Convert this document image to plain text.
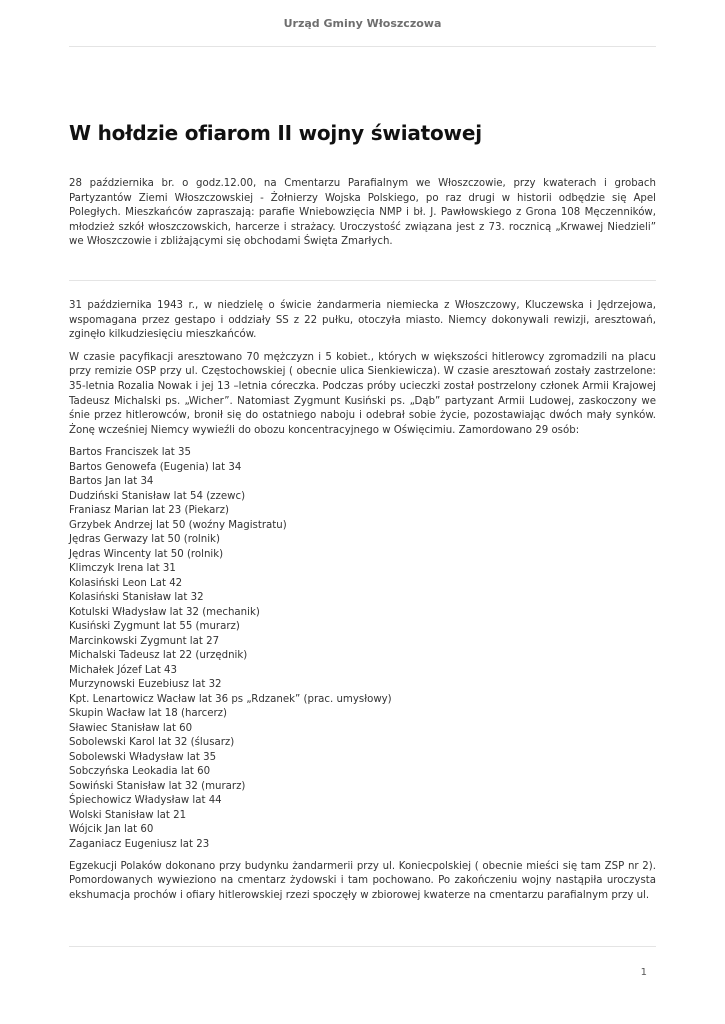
Urząd Gminy Włoszczowa
W hołdzie ofiarom II wojny światowej

28 października br. o godz.12.00, na Cmentarzu Parafialnym we Włoszczowie, przy kwaterach i grobach Partyzantów Ziemi Włoszczowskiej - Żołnierzy Wojska Polskiego, po raz drugi w historii odbędzie się Apel Poległych. Mieszkańców zapraszają: parafie Wniebowzięcia NMP i bł. J. Pawłowskiego z Grona 108 Męczenników, młodzież szkół włoszczowskich, harcerze i strażacy. Uroczystość związana jest z 73. rocznicą „Krwawej Niedzieli” we Włoszczowie i zbliżającymi się obchodami Święta Zmarłych.

31 października 1943 r., w niedzielę o świcie żandarmeria niemiecka z Włoszczowy, Kluczewska i Jędrzejowa, wspomagana przez gestapo i oddziały SS z 22 pułku, otoczyła miasto. Niemcy dokonywali rewizji, aresztowań, zginęło kilkudziesięciu mieszkańców.

W czasie pacyfikacji aresztowano 70 mężczyzn i 5 kobiet., których w większości hitlerowcy zgromadzili na placu przy remizie OSP przy ul. Częstochowskiej ( obecnie ulica Sienkiewicza). W czasie aresztowań zostały zastrzelone: 35-letnia Rozalia Nowak i jej 13 –letnia córeczka. Podczas próby ucieczki został postrzelony członek Armii Krajowej Tadeusz Michalski ps. „Wicher”. Natomiast Zygmunt Kusiński ps. „Dąb” partyzant Armii Ludowej, zaskoczony we śnie przez hitlerowców, bronił się do ostatniego naboju i odebrał sobie życie, pozostawiając dwóch mały synków. Żonę wcześniej Niemcy wywieźli do obozu koncentracyjnego w Oświęcimiu. Zamordowano 29 osób:

Bartos Franciszek lat 35
Bartos Genowefa (Eugenia) lat 34
Bartos Jan lat 34
Dudziński Stanisław lat 54 (zzewc)
Franiasz Marian lat 23 (Piekarz)
Grzybek Andrzej lat 50 (woźny Magistratu)
Jędras Gerwazy lat 50 (rolnik)
Jędras Wincenty lat 50 (rolnik)
Klimczyk Irena lat 31
Kolasiński Leon Lat 42
Kolasiński Stanisław lat 32
Kotulski Władysław lat 32 (mechanik)
Kusiński Zygmunt lat 55 (murarz)
Marcinkowski Zygmunt lat 27
Michalski Tadeusz lat 22 (urzędnik)
Michałek Józef Lat 43
Murzynowski Euzebiusz lat 32
Kpt. Lenartowicz Wacław lat 36 ps „Rdzanek” (prac. umysłowy)
Skupin Wacław lat 18 (harcerz)
Sławiec Stanisław lat 60
Sobolewski Karol lat 32 (ślusarz)
Sobolewski Władysław lat 35
Sobczyńska Leokadia lat 60
Sowiński Stanisław lat 32 (murarz)
Śpiechowicz Władysław lat 44
Wolski Stanisław lat 21
Wójcik Jan lat 60
Zaganiacz Eugeniusz lat 23

Egzekucji Polaków dokonano przy budynku żandarmerii przy ul. Koniecpolskiej ( obecnie mieści się tam ZSP nr 2). Pomordowanych wywieziono na cmentarz żydowski i tam pochowano. Po zakończeniu wojny nastąpiła uroczysta ekshumacja prochów i ofiary hitlerowskiej rzezi spoczęły w zbiorowej kwaterze na cmentarzu parafialnym przy ul.

1
